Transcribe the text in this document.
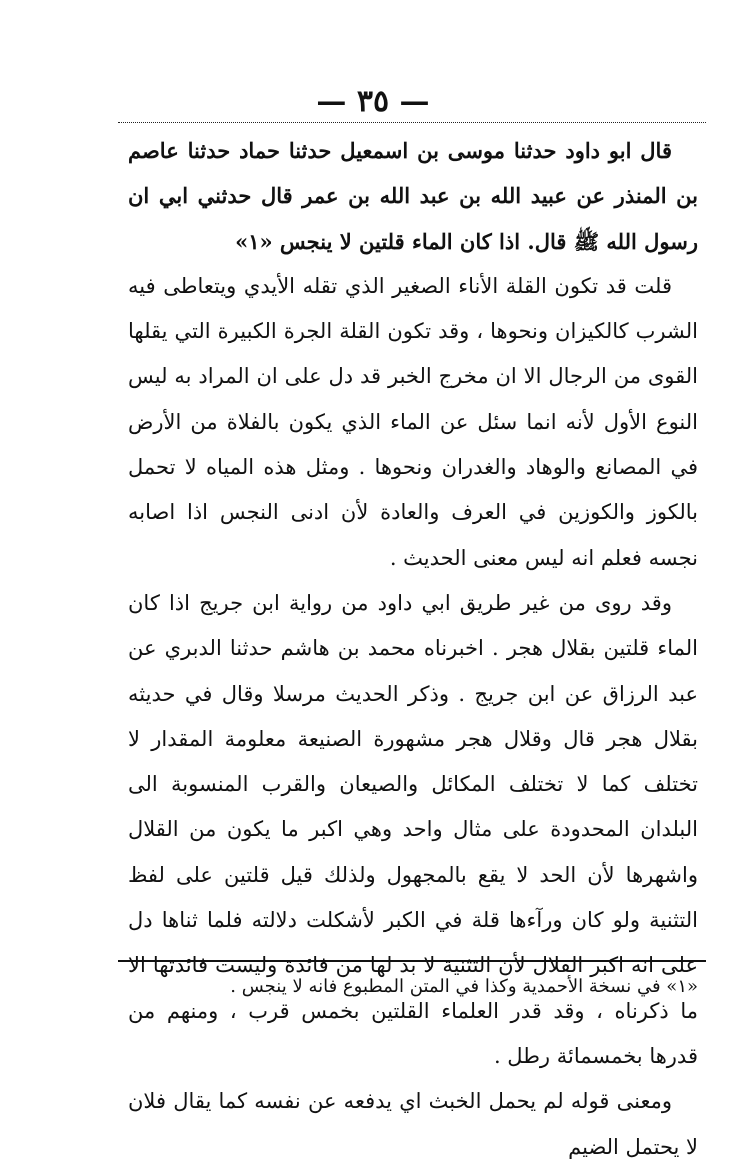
— ٣٥ —

قال ابو داود حدثنا موسى بن اسمعيل حدثنا حماد حدثنا عاصم بن المنذر عن عبيد الله بن عبد الله بن عمر قال حدثني ابي ان رسول الله ﷺ قال. اذا كان الماء قلتين لا ينجس «١»

قلت قد تكون القلة الأناء الصغير الذي تقله الأيدي ويتعاطى فيه الشرب كالكيزان ونحوها ، وقد تكون القلة الجرة الكبيرة التي يقلها القوى من الرجال الا ان مخرج الخبر قد دل على ان المراد به ليس النوع الأول لأنه انما سئل عن الماء الذي يكون بالفلاة من الأرض في المصانع والوهاد والغدران ونحوها . ومثل هذه المياه لا تحمل بالكوز والكوزين في العرف والعادة لأن ادنى النجس اذا اصابه نجسه فعلم انه ليس معنى الحديث .

وقد روى من غير طريق ابي داود من رواية ابن جريج اذا كان الماء قلتين بقلال هجر . اخبرناه محمد بن هاشم حدثنا الدبري عن عبد الرزاق عن ابن جريج . وذكر الحديث مرسلا وقال في حديثه بقلال هجر قال وقلال هجر مشهورة الصنيعة معلومة المقدار لا تختلف كما لا تختلف المكائل والصيعان والقرب المنسوبة الى البلدان المحدودة على مثال واحد وهي اكبر ما يكون من القلال واشهرها لأن الحد لا يقع بالمجهول ولذلك قيل قلتين على لفظ التثنية ولو كان ورآءها قلة في الكبر لأشكلت دلالته فلما ثناها دل على انه اكبر القلال لأن التثنية لا بد لها من فائدة وليست فائدتها الا ما ذكرناه ، وقد قدر العلماء القلتين بخمس قرب ، ومنهم من قدرها بخمسمائة رطل .

ومعنى قوله لم يحمل الخبث اي يدفعه عن نفسه كما يقال فلان لا يحتمل الضيم

«١» في نسخة الأحمدية وكذا في المتن المطبوع فانه لا ينجس .
